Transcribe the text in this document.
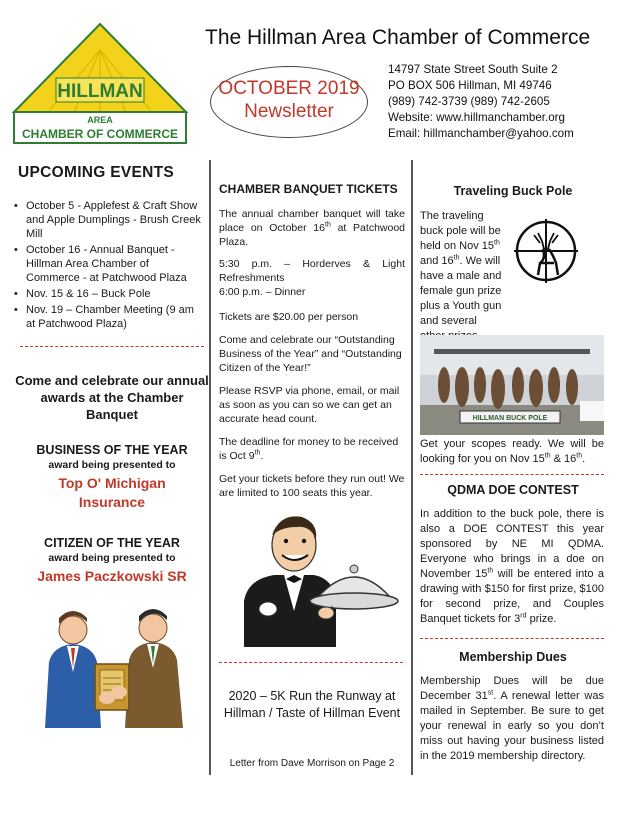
HILLMAN
AREA
CHAMBER OF COMMERCE
The Hillman Area Chamber of Commerce
OCTOBER 2019
Newsletter
14797 State Street South Suite 2
PO BOX 506 Hillman, MI 49746
(989) 742-3739 (989) 742-2605
Website: www.hillmanchamber.org
Email: hillmanchamber@yahoo.com
UPCOMING EVENTS
• October 5 - Applefest & Craft Show and Apple Dumplings - Brush Creek Mill
• October 16 - Annual Banquet - Hillman Area Chamber of Commerce - at Patchwood Plaza
• Nov. 15 & 16 – Buck Pole
• Nov. 19 – Chamber Meeting (9 am at Patchwood Plaza)
Come and celebrate our annual awards at the Chamber Banquet
BUSINESS OF THE YEAR
award being presented to
Top O' Michigan Insurance
CITIZEN OF THE YEAR
award being presented to
James Paczkowski SR
CHAMBER BANQUET TICKETS
The annual chamber banquet will take place on October 16th at Patchwood Plaza.
5:30 p.m. – Horderves & Light Refreshments
6:00 p.m. – Dinner
Tickets are $20.00 per person
Come and celebrate our “Outstanding Business of the Year” and “Outstanding Citizen of the Year!”
Please RSVP via phone, email, or mail as soon as you can so we can get an accurate head count.
The deadline for money to be received is Oct 9th.
Get your tickets before they run out! We are limited to 100 seats this year.
2020 – 5K Run the Runway at Hillman / Taste of Hillman Event
Letter from Dave Morrison on Page 2
Traveling Buck Pole
The traveling buck pole will be held on Nov 15th and 16th. We will have a male and female gun prize plus a Youth gun and several
HILLMAN BUCK POLE
Get your scopes ready. We will be looking for you on Nov 15th & 16th.
QDMA DOE CONTEST
In addition to the buck pole, there is also a DOE CONTEST this year sponsored by NE MI QDMA. Everyone who brings in a doe on November 15th will be entered into a drawing with $150 for first prize, $100 for second prize, and Couples Banquet tickets for 3rd prize.
Membership Dues
Membership Dues will be due December 31st. A renewal letter was mailed in September. Be sure to get your renewal in early so you don’t miss out having your business listed in the 2019 membership directory.
